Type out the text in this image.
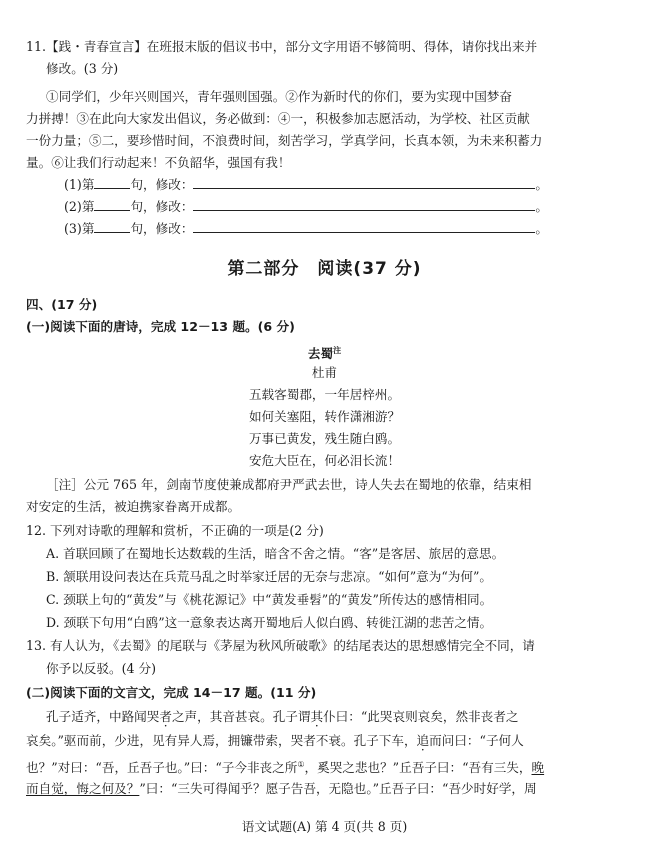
11.【践・青春宣言】在班报末版的倡议书中，部分文字用语不够简明、得体，请你找出来并
修改。(3 分)
①同学们，少年兴则国兴，青年强则国强。②作为新时代的你们，要为实现中国梦奋
力拼搏！③在此向大家发出倡议，务必做到：④一，积极参加志愿活动，为学校、社区贡献
一份力量；⑤二，要珍惜时间，不浪费时间，刻苦学习，学真学问，长真本领，为未来积蓄力
量。⑥让我们行动起来！不负韶华，强国有我！
(1)第	句，修改：	。
(2)第	句，修改：	。
(3)第	句，修改：	。
第二部分　阅读(37 分)
四、(17 分)
(一)阅读下面的唐诗，完成 12－13 题。(6 分)
去蜀$^注$
杜甫
五载客蜀郡，一年居梓州。
如何关塞阻，转作潇湘游？
万事已黄发，残生随白鸥。
安危大臣在，何必泪长流！
［注］公元 765 年，剑南节度使兼成都府尹严武去世，诗人失去在蜀地的依靠，结束相
对安定的生活，被迫携家眷离开成都。
12. 下列对诗歌的理解和赏析，不正确的一项是(2 分)
A. 首联回顾了在蜀地长达数载的生活，暗含不舍之情。“客”是客居、旅居的意思。
B. 颔联用设问表达在兵荒马乱之时举家迁居的无奈与悲凉。“如何”意为“为何”。
C. 颈联上句的“黄发”与《桃花源记》中“黄发垂髫”的“黄发”所传达的感情相同。
D. 颈联下句用“白鸥”这一意象表达离开蜀地后人似白鸥、转徙江湖的悲苦之情。
13. 有人认为，《去蜀》的尾联与《茅屋为秋风所破歌》的结尾表达的思想感情完全不同，请
你予以反驳。(4 分)
(二)阅读下面的文言文，完成 14－17 题。(11 分)
孔子适齐，中路闻哭者之声，其音甚哀。孔子谓其仆曰：“此哭哀则哀矣，然非丧者之
哀矣。”驱而前，少进，见有异人焉，拥镰带索，哭者不衰。孔子下车，追而问曰：“子何人
也？”对曰：“吾，丘吾子也。”曰：“子今非丧之所①，奚哭之悲也？”丘吾子曰：“吾有三失，晚
而自觉，悔之何及？”曰：“三失可得闻乎？愿子告吾，无隐也。”丘吾子曰：“吾少时好学，周
语文试题(A) 第 4 页(共 8 页)
